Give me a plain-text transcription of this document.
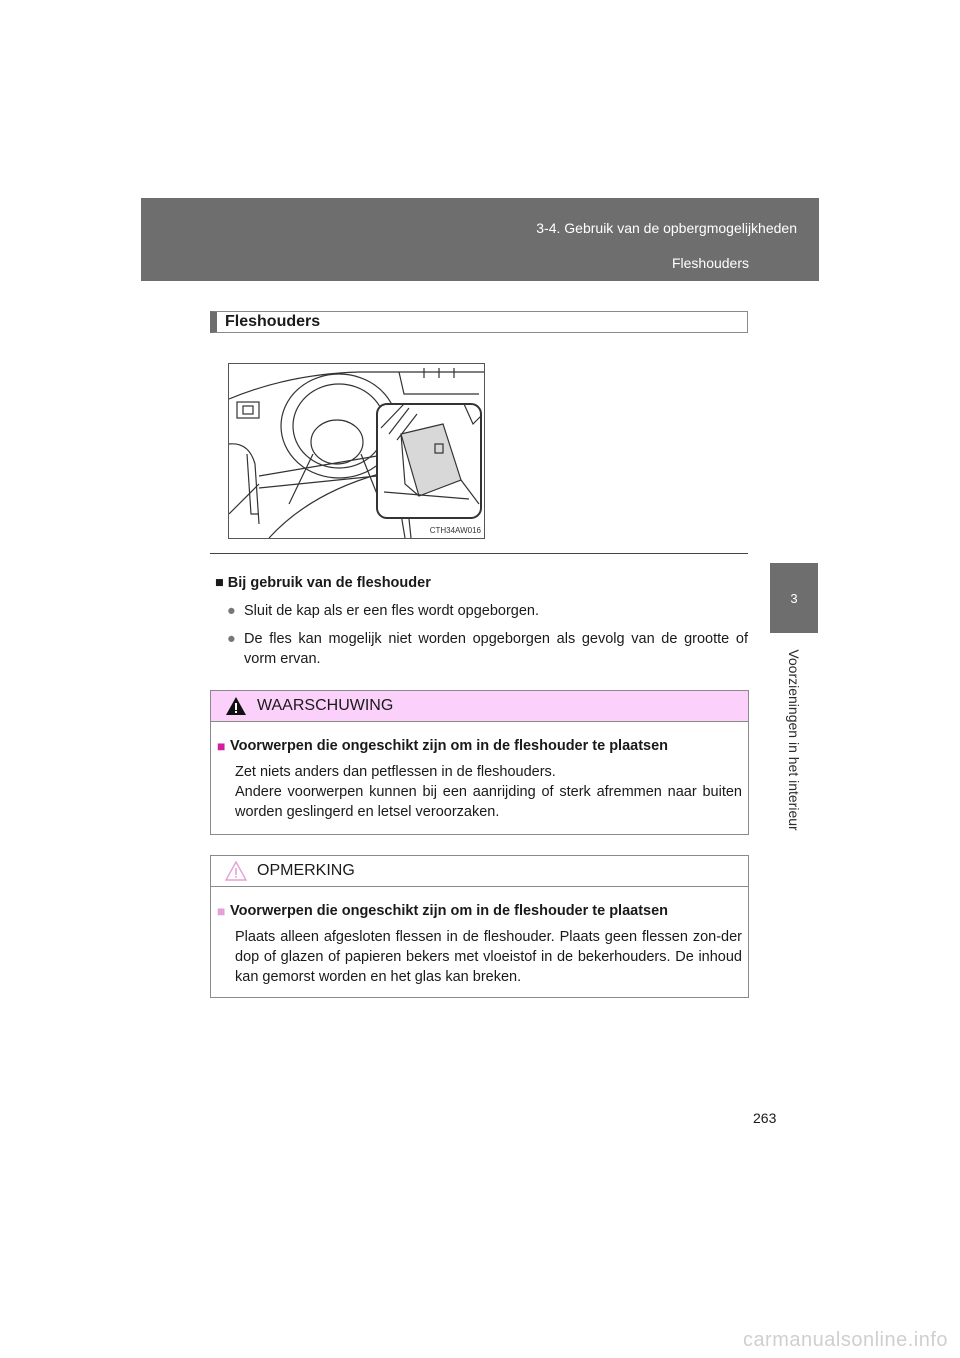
3-4. Gebruik van de opbergmogelijkheden
Fleshouders
3
Voorzieningen in het interieur
Fleshouders
CTH34AW016
■ Bij gebruik van de fleshouder
● Sluit de kap als er een fles wordt opgeborgen.
● De fles kan mogelijk niet worden opgeborgen als gevolg van de grootte of vorm ervan.
WAARSCHUWING
■ Voorwerpen die ongeschikt zijn om in de fleshouder te plaatsen
Zet niets anders dan petflessen in de fleshouders.
Andere voorwerpen kunnen bij een aanrijding of sterk afremmen naar buiten worden geslingerd en letsel veroorzaken.
OPMERKING
■ Voorwerpen die ongeschikt zijn om in de fleshouder te plaatsen
Plaats alleen afgesloten flessen in de fleshouder. Plaats geen flessen zon-der dop of glazen of papieren bekers met vloeistof in de bekerhouders. De inhoud kan gemorst worden en het glas kan breken.
263
carmanualsonline.info
